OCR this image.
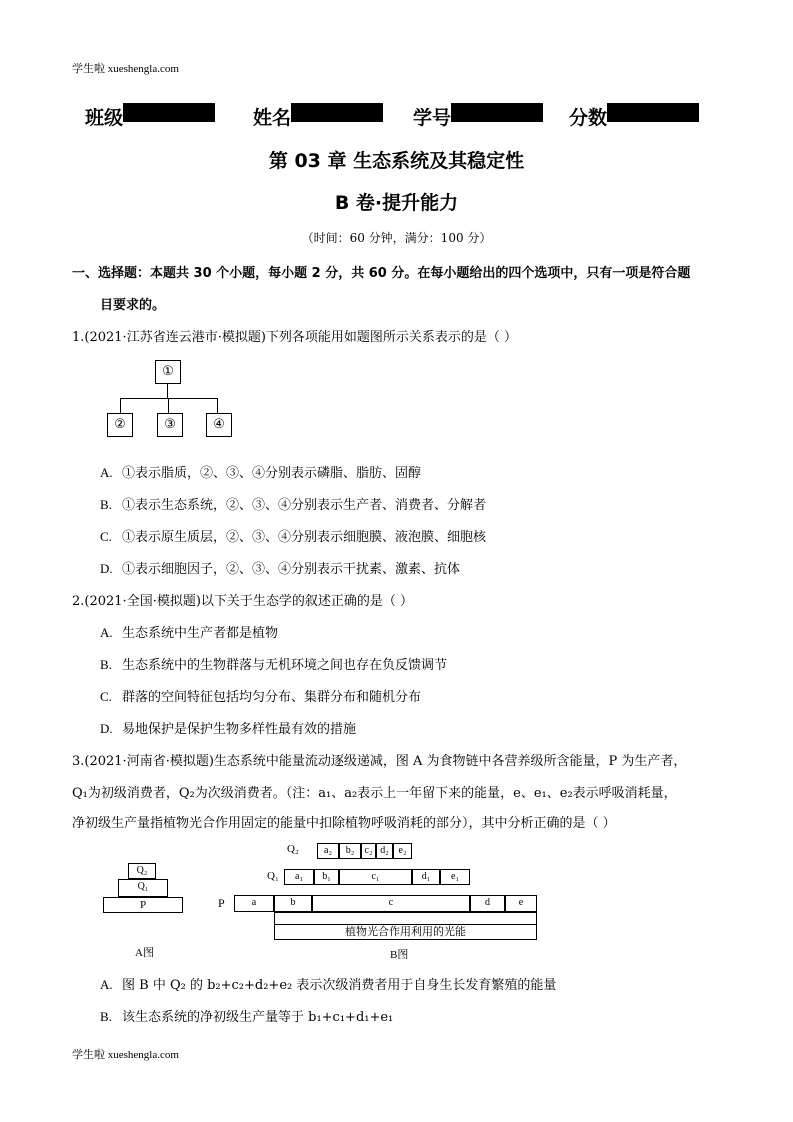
学生啦 xueshengla.com
学生啦 xueshengla.com
班级	姓名	学号	分数
第 03 章 生态系统及其稳定性
B 卷·提升能力
（时间：60 分钟，满分：100 分）
一、选择题：本题共 30 个小题，每小题 2 分，共 60 分。在每小题给出的四个选项中，只有一项是符合题
目要求的。
1.(2021·江苏省连云港市·模拟题)下列各项能用如题图所示关系表示的是（ ）
①
②	③	④
A. ①表示脂质，②、③、④分别表示磷脂、脂肪、固醇
B. ①表示生态系统，②、③、④分别表示生产者、消费者、分解者
C. ①表示原生质层，②、③、④分别表示细胞膜、液泡膜、细胞核
D. ①表示细胞因子，②、③、④分别表示干扰素、激素、抗体
2.(2021·全国·模拟题)以下关于生态学的叙述正确的是（ ）
A. 生态系统中生产者都是植物
B. 生态系统中的生物群落与无机环境之间也存在负反馈调节
C. 群落的空间特征包括均匀分布、集群分布和随机分布
D. 易地保护是保护生物多样性最有效的措施
3.(2021·河南省·模拟题)生态系统中能量流动逐级递减，图 A 为食物链中各营养级所含能量，P 为生产者，
Q₁为初级消费者，Q₂为次级消费者。（注：a₁、a₂表示上一年留下来的能量，e、e₁、e₂表示呼吸消耗量，
净初级生产量指植物光合作用固定的能量中扣除植物呼吸消耗的部分），其中分析正确的是（ ）
Q₂
Q₁
P
A图
Q₂	a₂	b₂	c₂ d₂ e₂
Q₁	a₁	b₁	c₁	d₁	e₁
P	a	b	c	d	e
植物光合作用利用的光能
B图
A. 图 B 中 Q₂ 的 b₂+c₂+d₂+e₂ 表示次级消费者用于自身生长发育繁殖的能量
B. 该生态系统的净初级生产量等于 b₁+c₁+d₁+e₁
